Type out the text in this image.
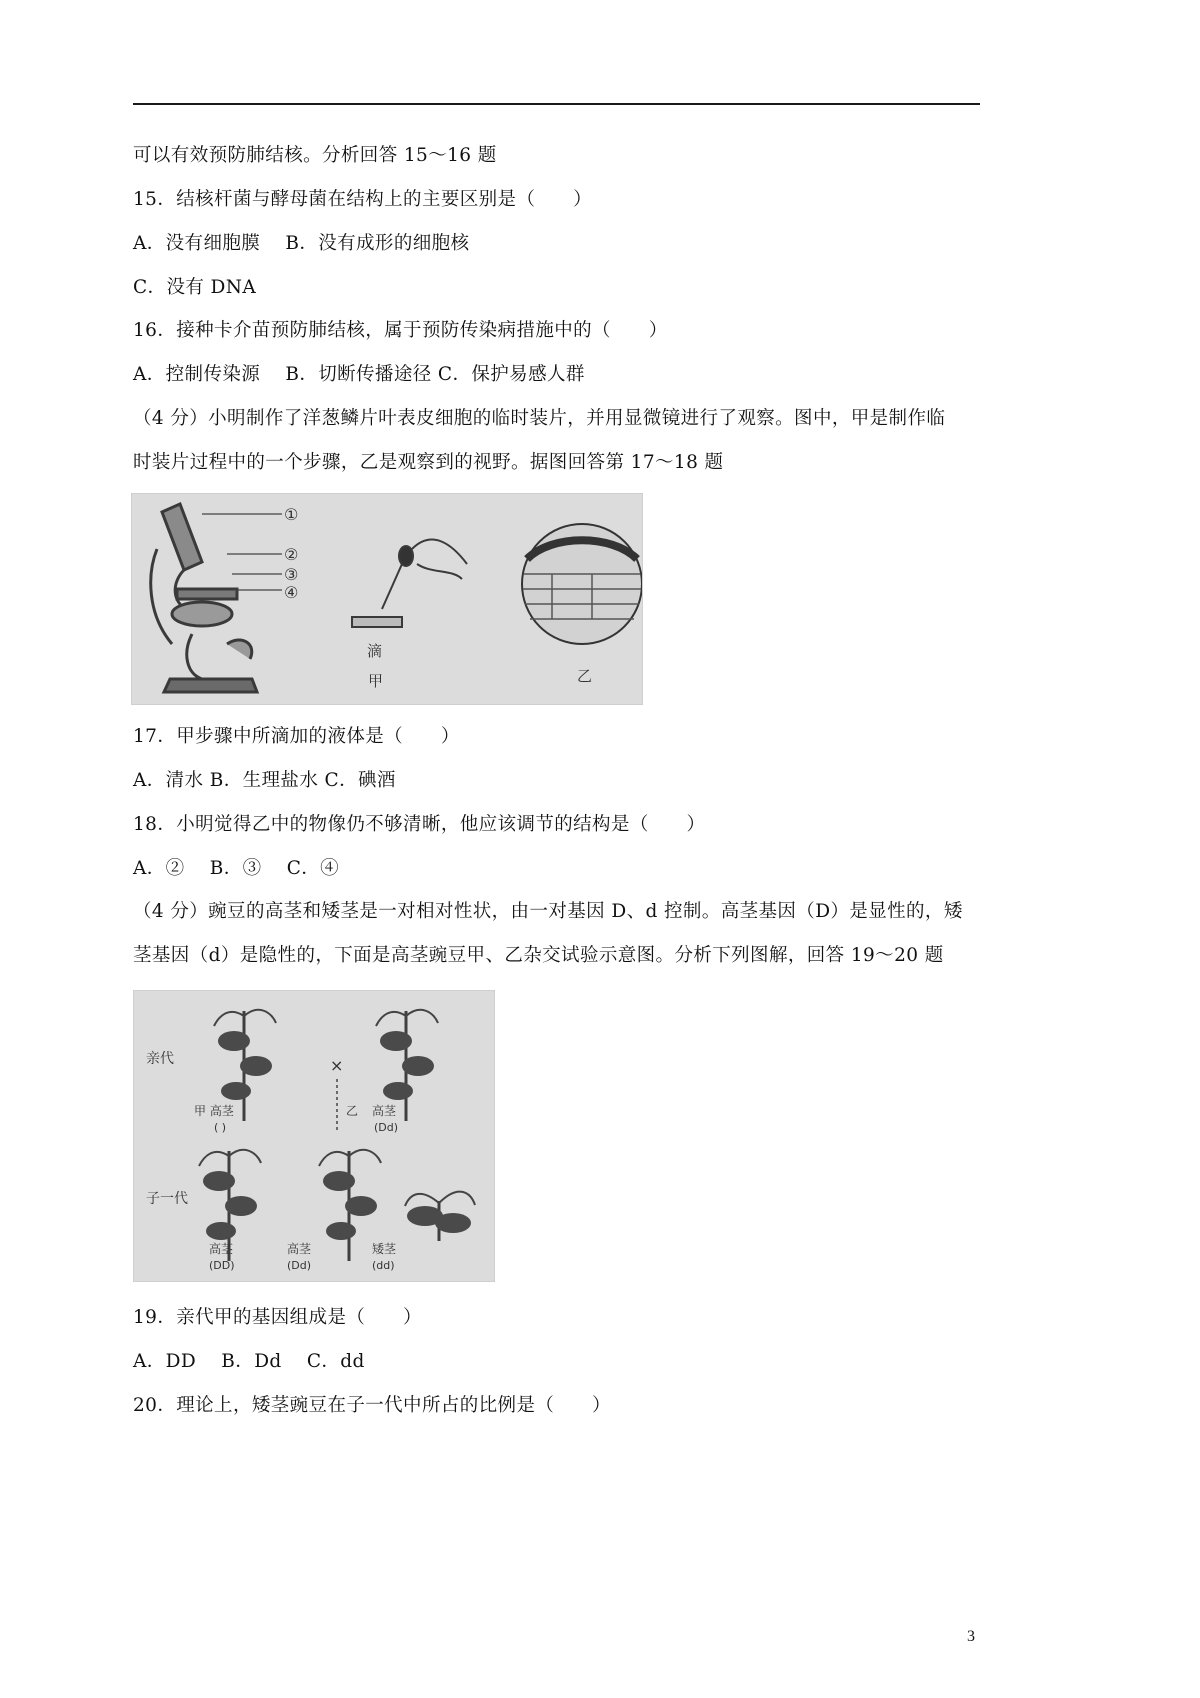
可以有效预防肺结核。分析回答 15～16 题
15．结核杆菌与酵母菌在结构上的主要区别是（　　）
A．没有细胞膜　 B．没有成形的细胞核
C．没有 DNA
16．接种卡介苗预防肺结核，属于预防传染病措施中的（　　）
A．控制传染源　 B．切断传播途径 C．保护易感人群
（4 分）小明制作了洋葱鳞片叶表皮细胞的临时装片，并用显微镜进行了观察。图中，甲是制作临
时装片过程中的一个步骤，乙是观察到的视野。据图回答第 17～18 题
①
②
③
④
滴
甲	乙
17．甲步骤中所滴加的液体是（　　）
A．清水 B．生理盐水 C．碘酒
18．小明觉得乙中的物像仍不够清晰，他应该调节的结构是（　　）
A．②　 B．③　 C．④
（4 分）豌豆的高茎和矮茎是一对相对性状，由一对基因 D、d 控制。高茎基因（D）是显性的，矮
茎基因（d）是隐性的，下面是高茎豌豆甲、乙杂交试验示意图。分析下列图解，回答 19～20 题
亲代	×
甲 高茎
( )
乙 高茎
(Dd)
子一代
高茎
(DD)
高茎
(Dd)
矮茎
(dd)
19．亲代甲的基因组成是（　　）
A．DD　 B．Dd　 C．dd
20．理论上，矮茎豌豆在子一代中所占的比例是（　　）
3
